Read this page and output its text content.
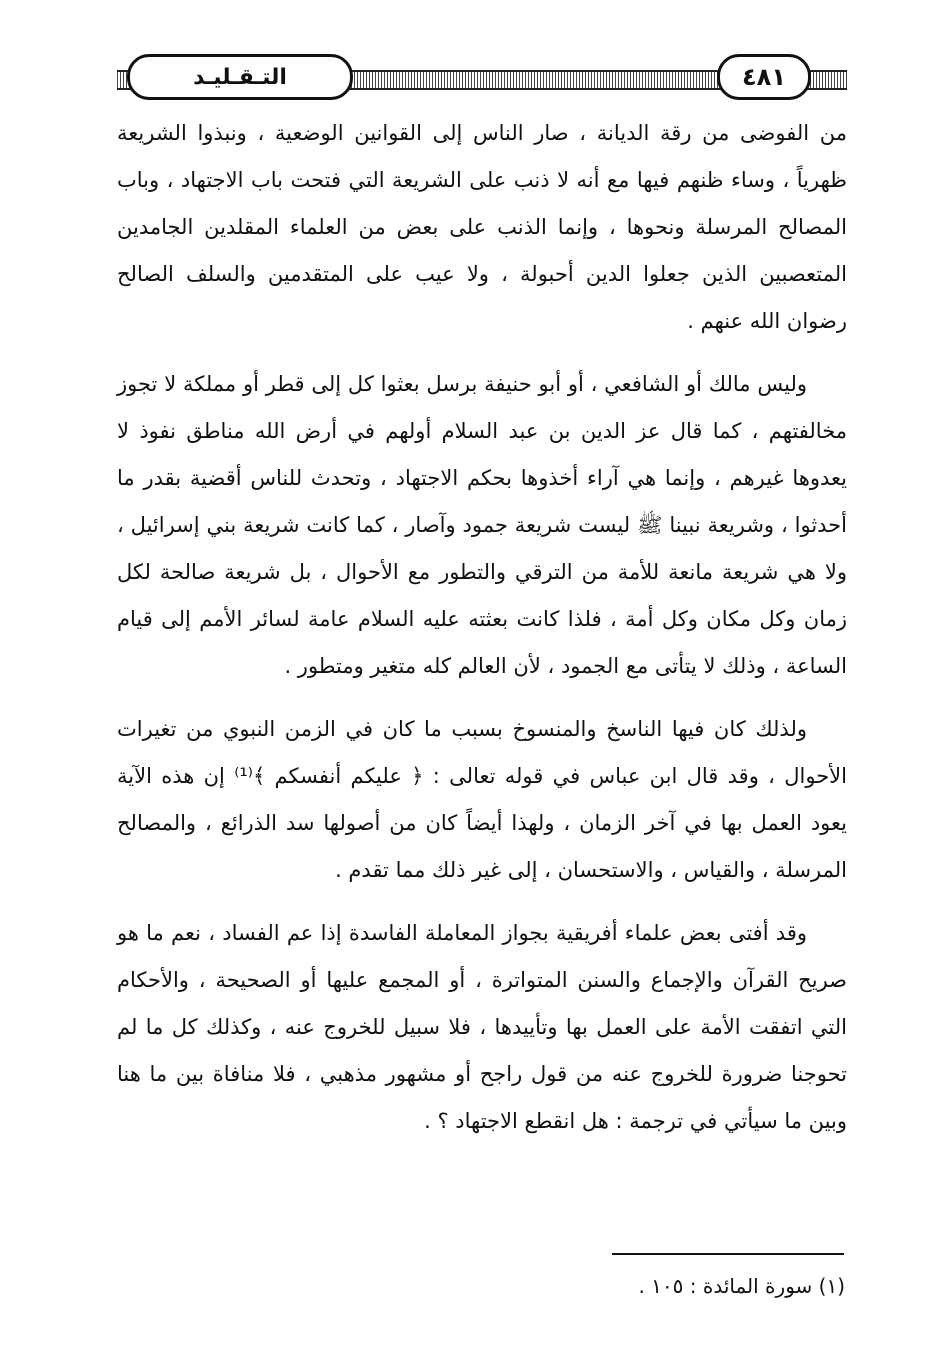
التـقـليـد	٤٨١

من الفوضى من رقة الديانة ، صار الناس إلى القوانين الوضعية ، ونبذوا الشريعة ظهرياً ، وساء ظنهم فيها مع أنه لا ذنب على الشريعة التي فتحت باب الاجتهاد ، وباب المصالح المرسلة ونحوها ، وإنما الذنب على بعض من العلماء المقلدين الجامدين المتعصبين الذين جعلوا الدين أحبولة ، ولا عيب على المتقدمين والسلف الصالح رضوان الله عنهم .

وليس مالك أو الشافعي ، أو أبو حنيفة برسل بعثوا كل إلى قطر أو مملكة لا تجوز مخالفتهم ، كما قال عز الدين بن عبد السلام أولهم في أرض الله مناطق نفوذ لا يعدوها غيرهم ، وإنما هي آراء أخذوها بحكم الاجتهاد ، وتحدث للناس أقضية بقدر ما أحدثوا ، وشريعة نبينا ﷺ ليست شريعة جمود وآصار ، كما كانت شريعة بني إسرائيل ، ولا هي شريعة مانعة للأمة من الترقي والتطور مع الأحوال ، بل شريعة صالحة لكل زمان وكل مكان وكل أمة ، فلذا كانت بعثته عليه السلام عامة لسائر الأمم إلى قيام الساعة ، وذلك لا يتأتى مع الجمود ، لأن العالم كله متغير ومتطور .

ولذلك كان فيها الناسخ والمنسوخ بسبب ما كان في الزمن النبوي من تغيرات الأحوال ، وقد قال ابن عباس في قوله تعالى : ﴿ عليكم أنفسكم ﴾⁽¹⁾ إن هذه الآية يعود العمل بها في آخر الزمان ، ولهذا أيضاً كان من أصولها سد الذرائع ، والمصالح المرسلة ، والقياس ، والاستحسان ، إلى غير ذلك مما تقدم .

وقد أفتى بعض علماء أفريقية بجواز المعاملة الفاسدة إذا عم الفساد ، نعم ما هو صريح القرآن والإجماع والسنن المتواترة ، أو المجمع عليها أو الصحيحة ، والأحكام التي اتفقت الأمة على العمل بها وتأييدها ، فلا سبيل للخروج عنه ، وكذلك كل ما لم تحوجنا ضرورة للخروج عنه من قول راجح أو مشهور مذهبي ، فلا منافاة بين ما هنا وبين ما سيأتي في ترجمة : هل انقطع الاجتهاد ؟ .

(١) سورة المائدة : ١٠٥ .
